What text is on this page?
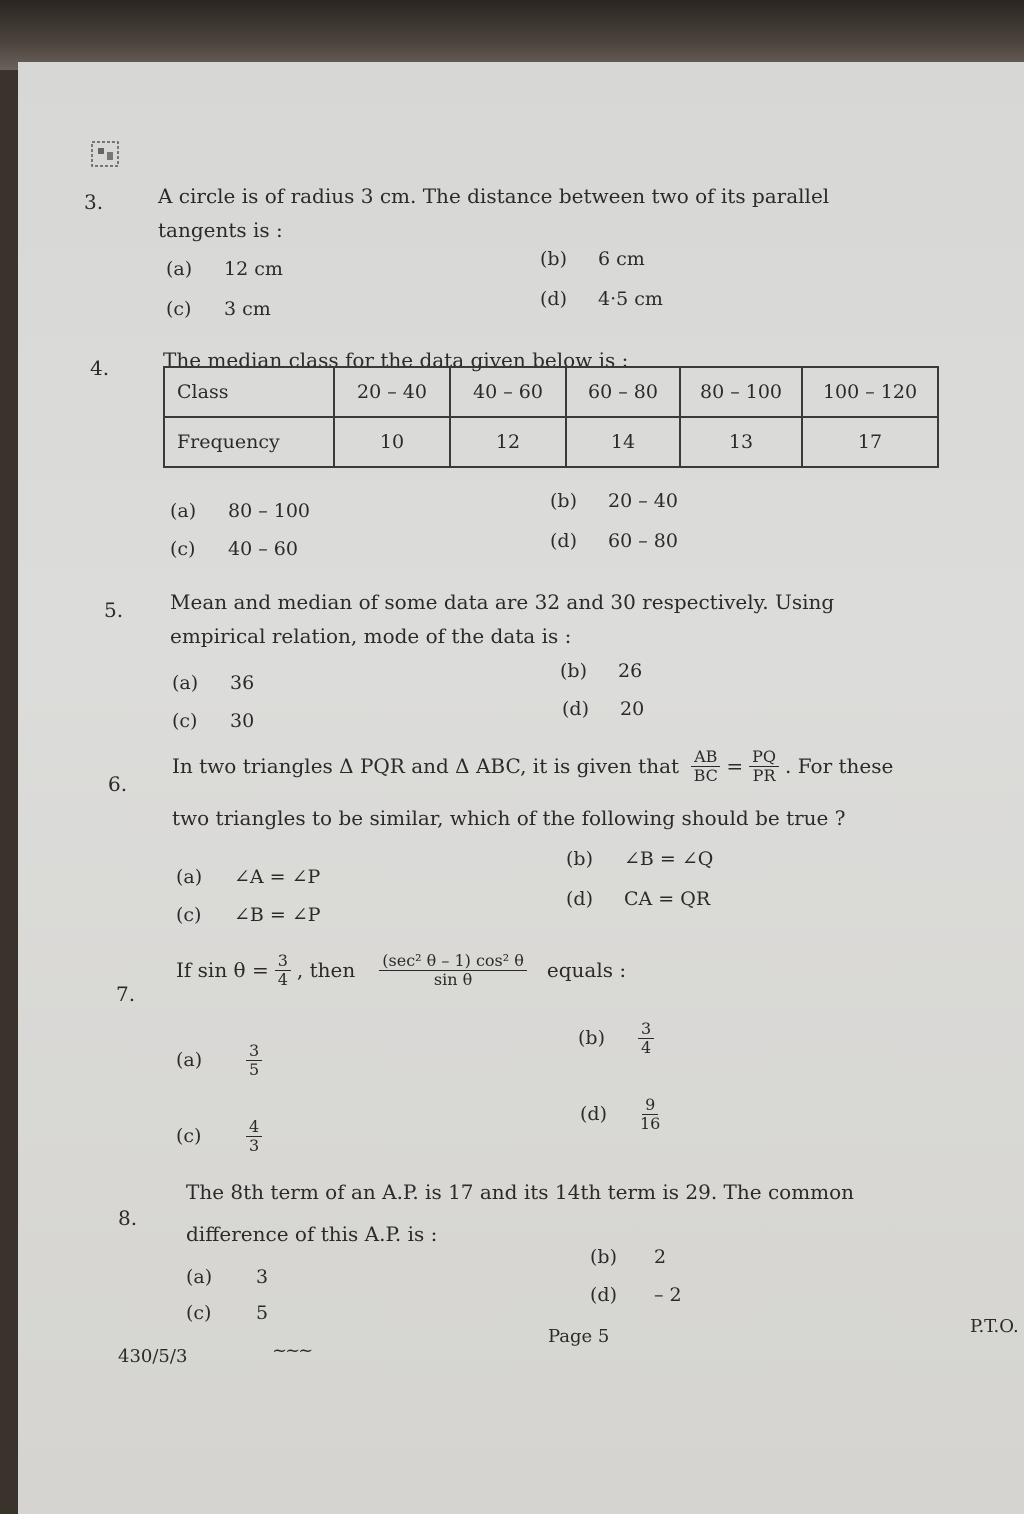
3.	A circle is of radius 3 cm. The distance between two of its parallel
tangents is :
(a) 12 cm	(b) 6 cm
(c) 3 cm	(d) 4·5 cm
4.	The median class for the data given below is :
Class	20 – 40	40 – 60	60 – 80	80 – 100	100 – 120
Frequency	10	12	14	13	17
(a) 80 – 100	(b) 20 – 40
(c) 40 – 60	(d) 60 – 80
5. Mean and median of some data are 32 and 30 respectively. Using
empirical relation, mode of the data is :
(a) 36
(b) 26
(c) 30
(d) 20
6.
In two triangles Δ PQR and Δ ABC, it is given that $\frac{AB}{BC} = \frac{PQ}{PR}$ . For these
two triangles to be similar, which of the following should be true ?
(a) ∠A = ∠P
(b) ∠B = ∠Q
(c) ∠B = ∠P
(d) CA = QR
7.
If $\sin \theta = \frac{3}{4}$ , then $\frac{\text{(sec² θ – 1) cos² θ}}{\text{sin θ}}$ equals :
(a)	$\frac{3}{5}$
(b)	$\frac{3}{4}$
(c)	$\frac{4}{3}$
(d)	$\frac{9}{16}$
8.
The 8th term of an A.P. is 17 and its 14th term is 29. The common
difference of this A.P. is :
(a) 3
(b) 2
(c) 5
(d) – 2
430/5/3	~~~
Page 5	P.T.O.
